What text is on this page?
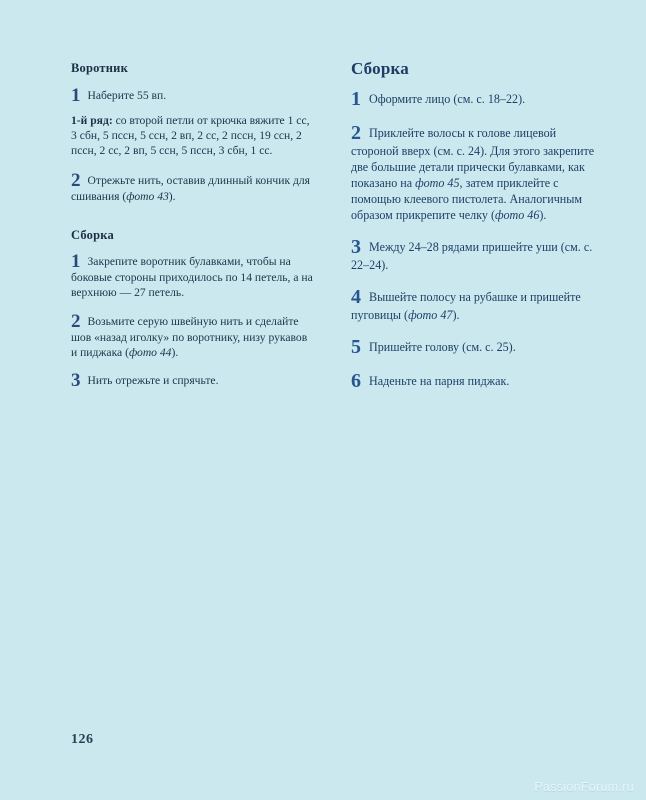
Воротник
1 Наберите 55 вп.
1-й ряд: со второй петли от крючка вяжите 1 сс, 3 сбн, 5 пссн, 5 ссн, 2 вп, 2 сс, 2 пссн, 19 ссн, 2 пссн, 2 сс, 2 вп, 5 ссн, 5 пссн, 3 сбн, 1 сс.
2 Отрежьте нить, оставив длинный кончик для сшивания (фото 43).
Сборка
1 Закрепите воротник булавками, чтобы на боковые стороны приходилось по 14 петель, а на верхнюю — 27 петель.
2 Возьмите серую швейную нить и сделайте шов «назад иголку» по воротнику, низу рукавов и пиджака (фото 44).
3 Нить отрежьте и спрячьте.
Сборка
1 Оформите лицо (см. с. 18–22).
2 Приклейте волосы к голове лицевой стороной вверх (см. с. 24). Для этого закрепите две большие детали прически булавками, как показано на фото 45, затем приклейте с помощью клеевого пистолета. Аналогичным образом прикрепите челку (фото 46).
3 Между 24–28 рядами пришейте уши (см. с. 22–24).
4 Вышейте полосу на рубашке и пришейте пуговицы (фото 47).
5 Пришейте голову (см. с. 25).
6 Наденьте на парня пиджак.
126
PassionForum.ru
